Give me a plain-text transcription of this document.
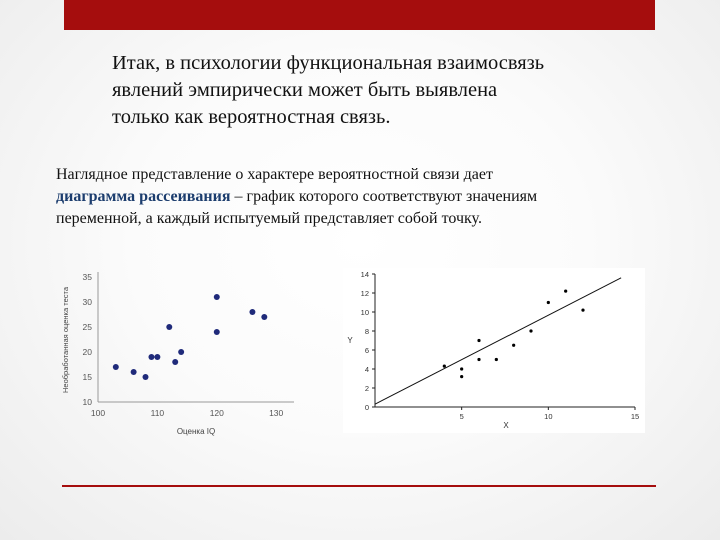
Итак, в психологии функциональная взаимосвязь
явлений эмпирически может быть выявлена
только как вероятностная связь.
Наглядное представление о характере вероятностной связи дает
диаграмма рассеивания – график которого соответствуют значениям
переменной, а каждый испытуемый представляет собой точку.
10
15
20
25
30
35
100	110	120	130
Оценка IQ
Необработанная оценка теста
0
2
4
6
8
10
12
14
5	10	15
X
Y
